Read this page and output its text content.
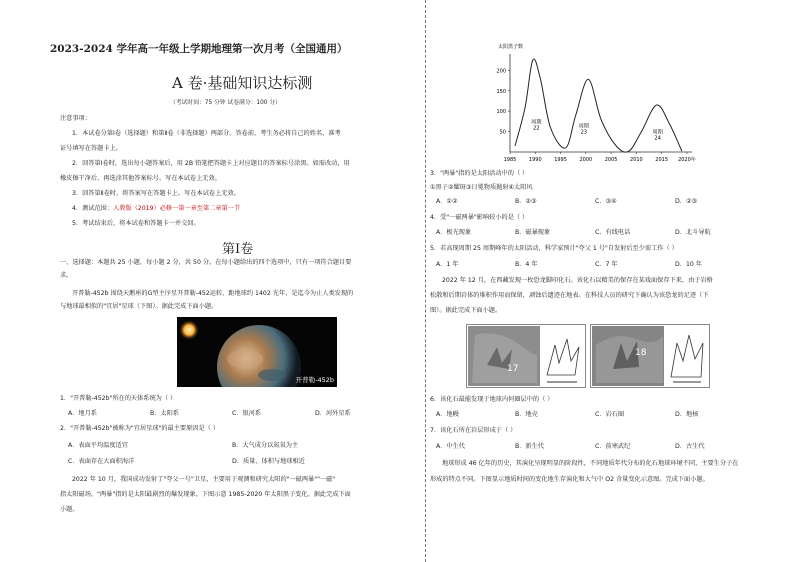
2023-2024 学年高一年级上学期地理第一次月考（全国通用）
A 卷·基础知识达标测
（考试时间：75 分钟 试卷满分：100 分）
注意事项：
1．本试卷分第Ⅰ卷（选择题）和第Ⅱ卷（非选择题）两部分。答卷前，考生务必将自己的姓名、准考
证号填写在答题卡上。
2．回答第Ⅰ卷时，选出每小题答案后，用 2B 铅笔把答题卡上对应题目的答案标号涂黑。如需改动，用
橡皮擦干净后，再选涂其他答案标号。写在本试卷上无效。
3．回答第Ⅱ卷时，将答案写在答题卡上。写在本试卷上无效。
4．测试范围：人教版（2019）必修一第一章至第二章第一节
5．考试结束后，将本试卷和答题卡一并交回。
第Ⅰ卷
一、选择题：本题共 25 小题，每小题 2 分，共 50 分。在每小题给出的四个选项中，只有一项符合题目要
求。
开普勒-452b 围绕天鹅座的G型主序星开普勒-452运转，距地球约 1402 光年，是迄今为止人类发现的
与地球最相似的"宜居"星球（下图）。据此完成下面小题。
开普勒-452b
1．"开普勒-452b"所在的天体系统为（ ）
A．地月系	B．太阳系	C．银河系	D．河外星系
2．"开普勒-452b"被称为"宜居星球"的最主要原因是（ ）
A．表面平均温度适宜	B．大气成分以氮氧为主
C．表面存在大面积海洋	D．质量、体积与地球相近
2022 年 10 月，我国成功发射了"夸父一号"卫星，主要用于观测和研究太阳的"一磁两暴""一磁"
指太阳磁场，"两暴"指的是太阳最剧烈的爆发现象。下图示意 1985-2020 年太阳黑子变化。据此完成下面
小题。
太阳黑子数
200
150
100
50
1985	1990	1995	2000	2005	2010	2015 2020年
周期
22	周期
23	周期
24
3．"两暴"指的是太阳活动中的（ ）
①黑子②耀斑③日冕物质抛射④太阳风
A．①②	B．②③	C．③④	D．②③
4．受"一磁两暴"影响较小的是（ ）
A．极光现象	B．磁暴现象	C．有线电话	D．北斗导航
5．若高现周期 25 周期峰年的太阳活动，科学家预计"夸父 1 号"自发射后至少需工作（ ）
A．1 年	B．4 年	C．7 年	D．10 年
2022 年 12 月，在西藏发现一枚恐龙脚印化石。该化石以精美的保存在某戏面保存下来，由于岩格
松散和后期岩体的堆积作用而保留，剥蚀后遗迹在地表。在科技人员的研究下确认为该恐龙的足迹（下
图）。据此完成下面小题。
17
18
6．该化石最能发现于地球内何圈层中的（ ）
A．地幔	B．地壳	C．岩石圈	D．地核
7．该化石所在岩层形成于（ ）
A．中生代	B．新生代	C．前寒武纪	D．古生代
地球形成 46 亿年的历史，其演化呈现明显的阶段性，不同地质年代分布的化石地球环境不同，主要生分子在
形成的特点不同。下图显示地质时间的变化地生存演化和大气中 O2 含量变化示意图。完成下面小题。
